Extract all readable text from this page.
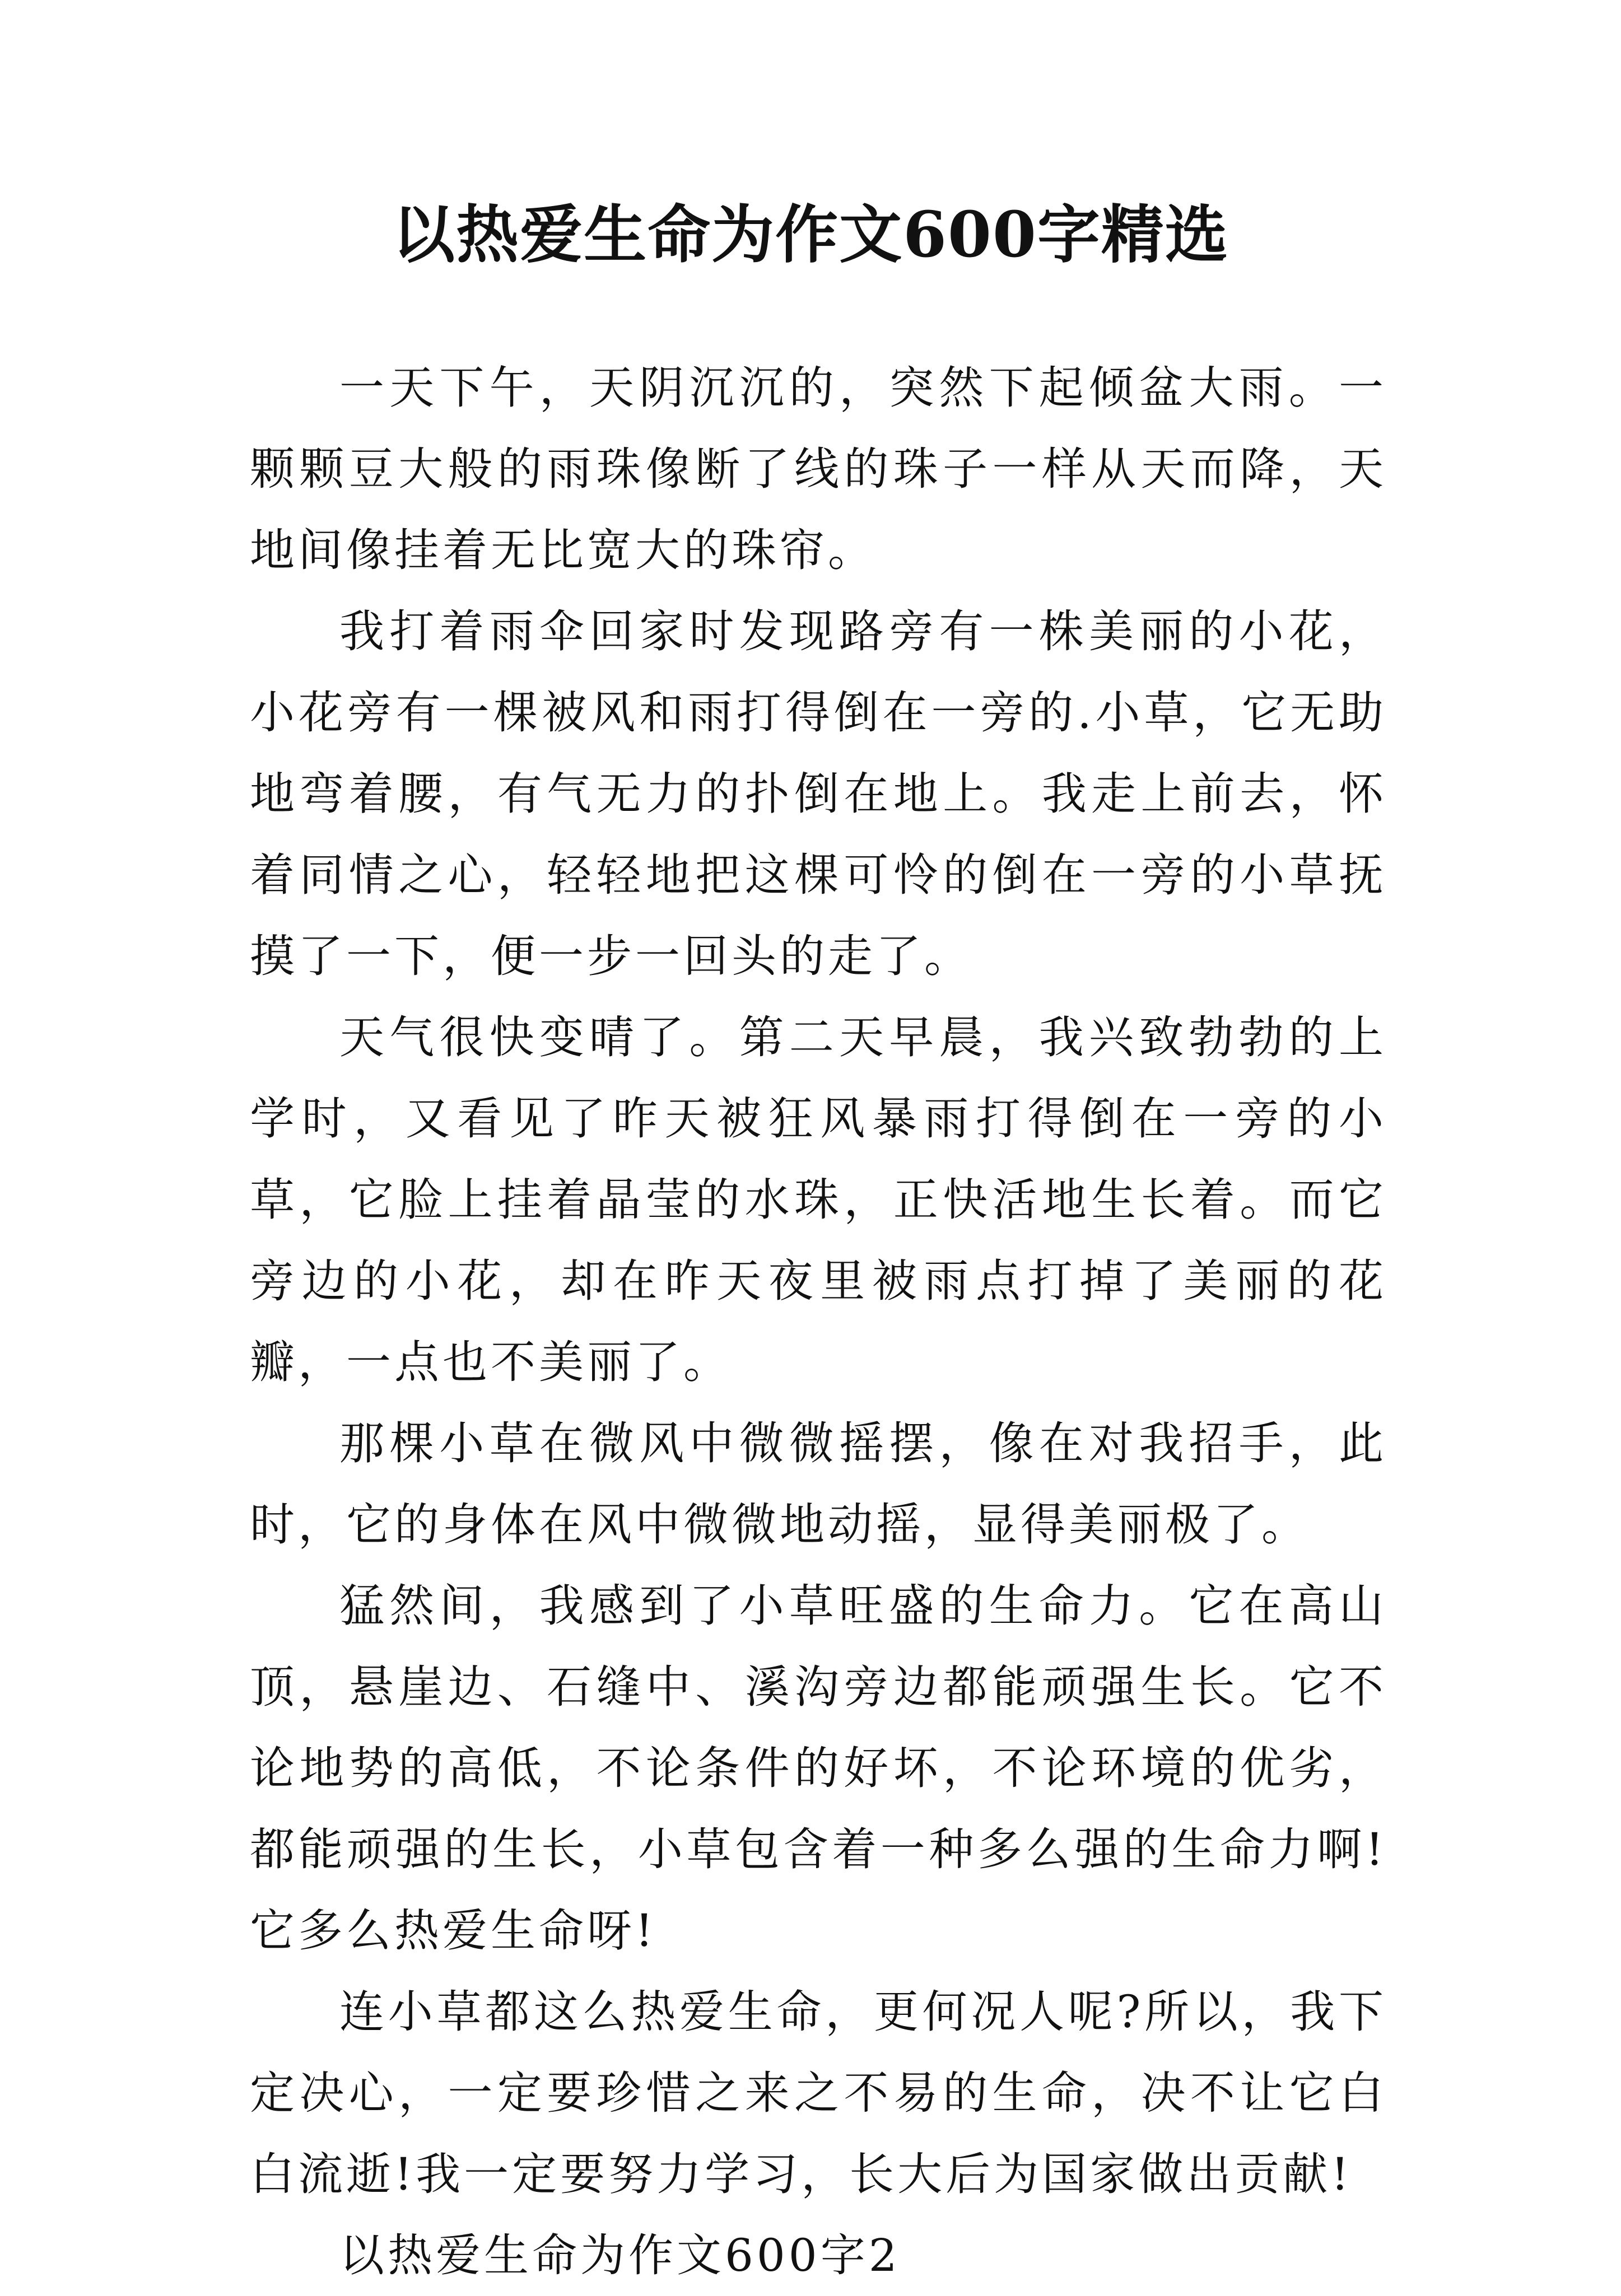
以热爱生命为作文600字精选

一天下午，天阴沉沉的，突然下起倾盆大雨。一颗颗豆大般的雨珠像断了线的珠子一样从天而降，天地间像挂着无比宽大的珠帘。

我打着雨伞回家时发现路旁有一株美丽的小花，小花旁有一棵被风和雨打得倒在一旁的.小草，它无助地弯着腰，有气无力的扑倒在地上。我走上前去，怀着同情之心，轻轻地把这棵可怜的倒在一旁的小草抚摸了一下，便一步一回头的走了。

天气很快变晴了。第二天早晨，我兴致勃勃的上学时，又看见了昨天被狂风暴雨打得倒在一旁的小草，它脸上挂着晶莹的水珠，正快活地生长着。而它旁边的小花，却在昨天夜里被雨点打掉了美丽的花瓣，一点也不美丽了。

那棵小草在微风中微微摇摆，像在对我招手，此时，它的身体在风中微微地动摇，显得美丽极了。

猛然间，我感到了小草旺盛的生命力。它在高山顶，悬崖边、石缝中、溪沟旁边都能顽强生长。它不论地势的高低，不论条件的好坏，不论环境的优劣，都能顽强的生长，小草包含着一种多么强的生命力啊!它多么热爱生命呀!

连小草都这么热爱生命，更何况人呢?所以，我下定决心，一定要珍惜之来之不易的生命，决不让它白白流逝!我一定要努力学习，长大后为国家做出贡献!

以热爱生命为作文600字2
